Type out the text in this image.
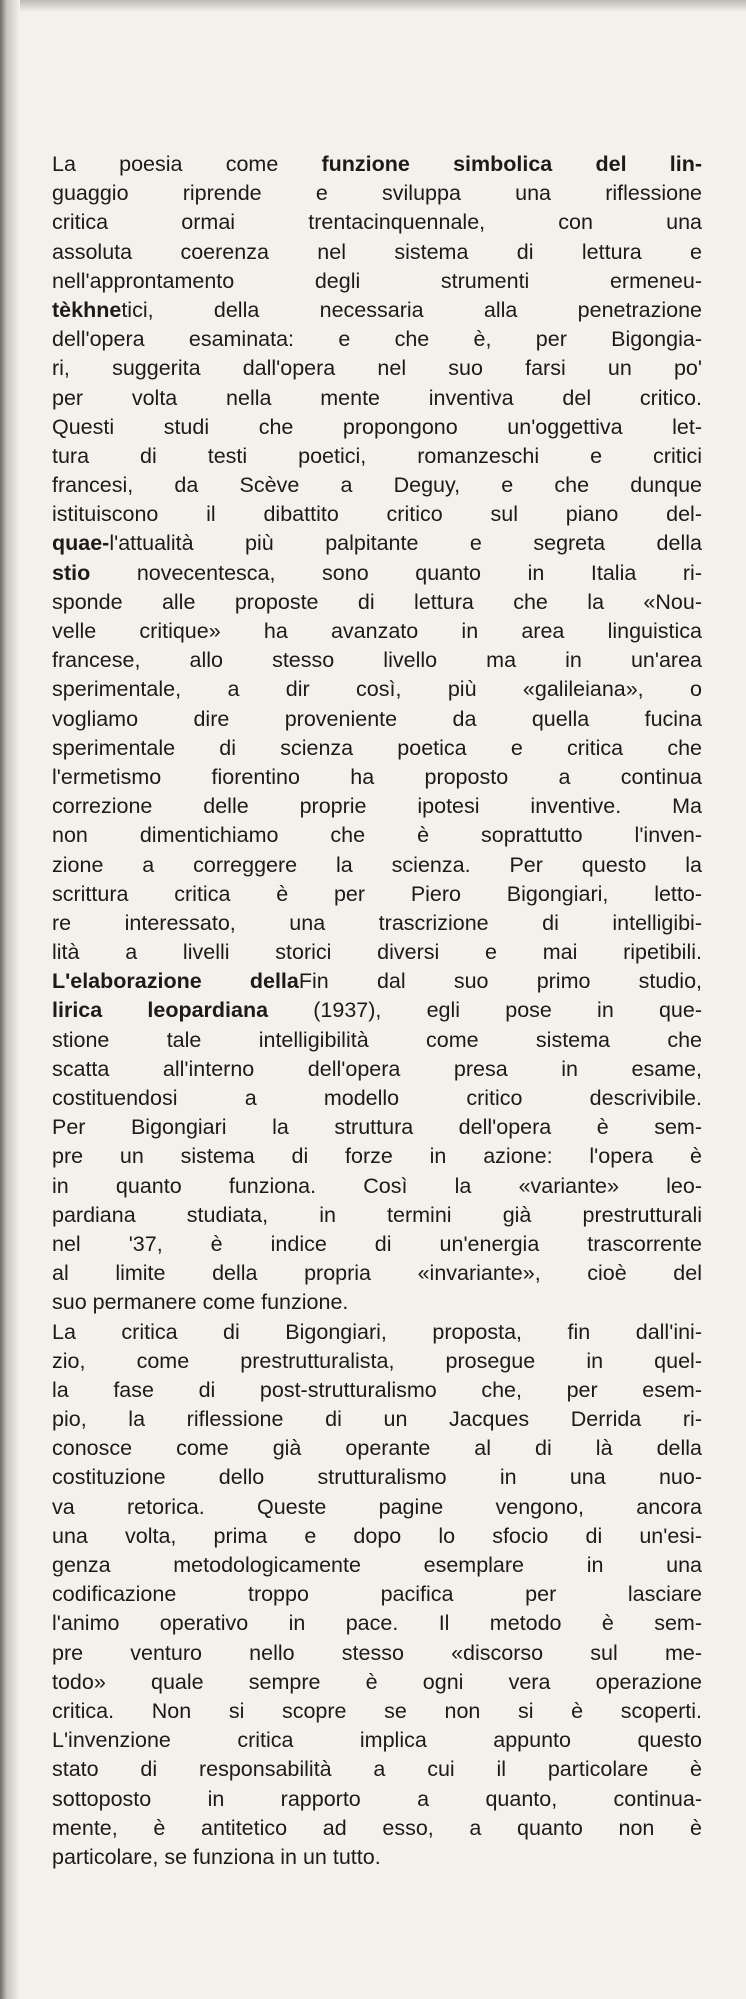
La poesia come funzione simbolica del lin-
guaggio riprende e sviluppa una riflessione
critica ormai trentacinquennale, con una
assoluta coerenza nel sistema di lettura e
nell'approntamento degli strumenti ermeneu-
tèkhnetici, della necessaria alla penetrazione
dell'opera esaminata: e che è, per Bigongia-
ri, suggerita dall'opera nel suo farsi un po'
per volta nella mente inventiva del critico.
Questi studi che propongono un'oggettiva let-
tura di testi poetici, romanzeschi e critici
francesi, da Scève a Deguy, e che dunque
istituiscono il dibattito critico sul piano del-
quae-l'attualità più palpitante e segreta della
stio novecentesca, sono quanto in Italia ri-
sponde alle proposte di lettura che la «Nou-
velle critique» ha avanzato in area linguistica
francese, allo stesso livello ma in un'area
sperimentale, a dir così, più «galileiana», o
vogliamo dire proveniente da quella fucina
sperimentale di scienza poetica e critica che
l'ermetismo fiorentino ha proposto a continua
correzione delle proprie ipotesi inventive. Ma
non dimentichiamo che è soprattutto l'inven-
zione a correggere la scienza. Per questo la
scrittura critica è per Piero Bigongiari, letto-
re interessato, una trascrizione di intelligibi-
lità a livelli storici diversi e mai ripetibili.
L'elaborazione dellaFin dal suo primo studio,
lirica leopardiana (1937), egli pose in que-
stione tale intelligibilità come sistema che
scatta all'interno dell'opera presa in esame,
costituendosi a modello critico descrivibile.
Per Bigongiari la struttura dell'opera è sem-
pre un sistema di forze in azione: l'opera è
in quanto funziona. Così la «variante» leo-
pardiana studiata, in termini già prestrutturali
nel '37, è indice di un'energia trascorrente
al limite della propria «invariante», cioè del
suo permanere come funzione.
La critica di Bigongiari, proposta, fin dall'ini-
zio, come prestrutturalista, prosegue in quel-
la fase di post-strutturalismo che, per esem-
pio, la riflessione di un Jacques Derrida ri-
conosce come già operante al di là della
costituzione dello strutturalismo in una nuo-
va retorica. Queste pagine vengono, ancora
una volta, prima e dopo lo sfocio di un'esi-
genza metodologicamente esemplare in una
codificazione troppo pacifica per lasciare
l'animo operativo in pace. Il metodo è sem-
pre venturo nello stesso «discorso sul me-
todo» quale sempre è ogni vera operazione
critica. Non si scopre se non si è scoperti.
L'invenzione critica implica appunto questo
stato di responsabilità a cui il particolare è
sottoposto in rapporto a quanto, continua-
mente, è antitetico ad esso, a quanto non è
particolare, se funziona in un tutto.
